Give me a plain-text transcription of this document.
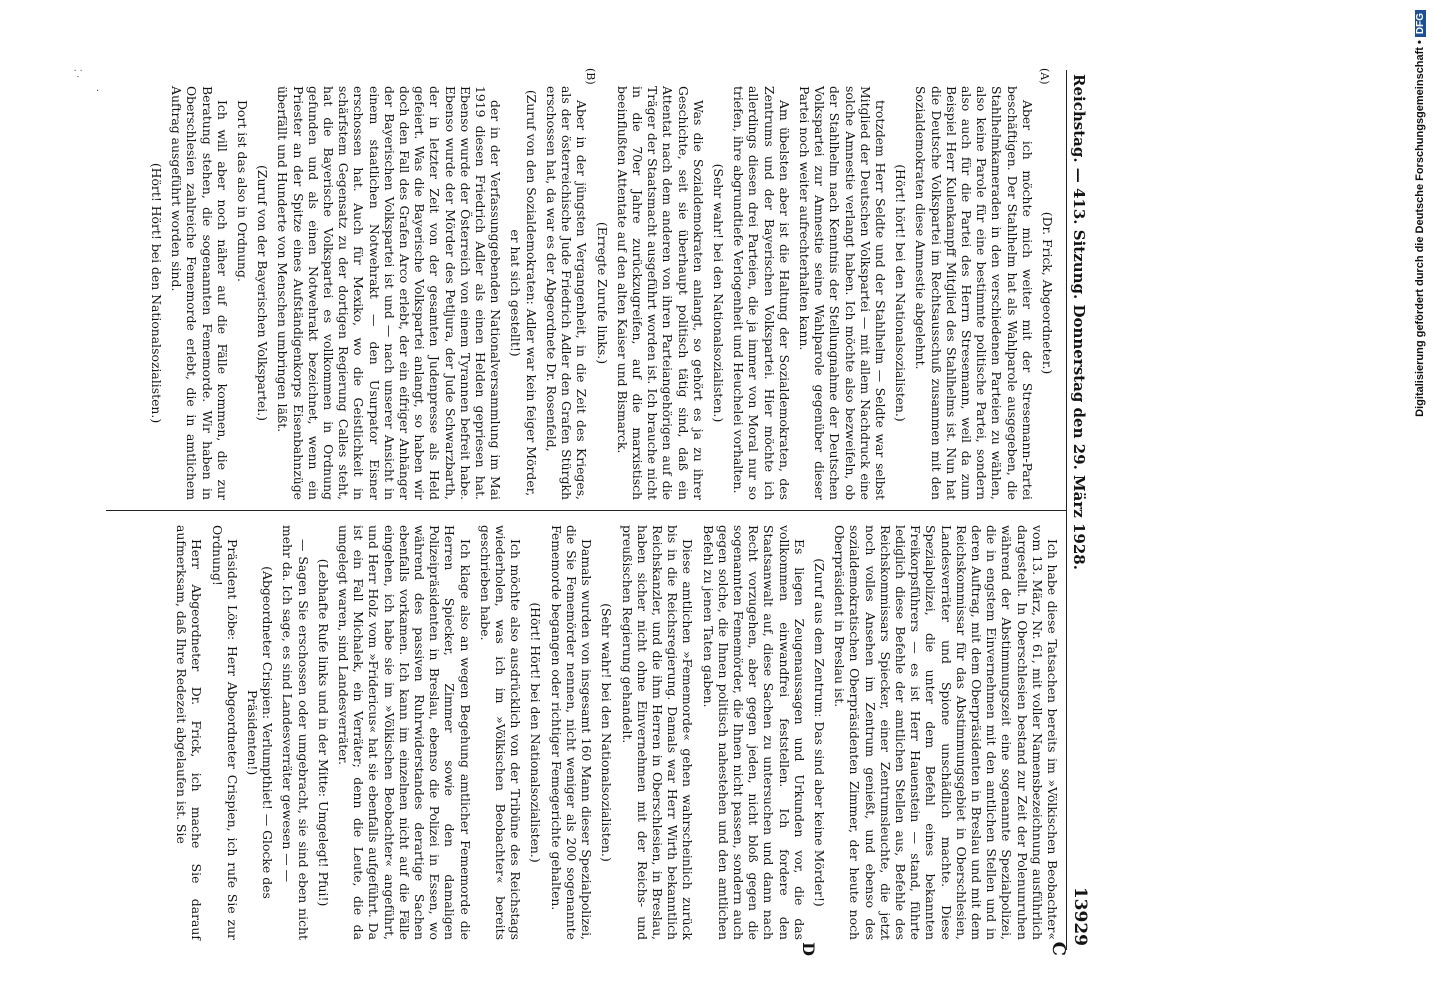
⸪
·	Reichstag. — 413. Sitzung. Donnerstag den 29. März 1928.
13929
(A)
(B)

(Dr. Frick, Abgeordneter.)

Aber ich möchte mich weiter mit der Stresemann-Partei beschäftigen. Der Stahlhelm hat als Wahlparole ausgegeben, die Stahlhelmkameraden in den verschiedenen Parteien zu wählen, also keine Parole für eine bestimmte politische Partei, sondern also auch für die Partei des Herrn Stresemann, weil da zum Beispiel Herr Kulenkampff Mitglied des Stahlhelms ist. Nun hat die Deutsche Volkspartei im Rechtsausschuß zusammen mit den Sozialdemokraten diese Amnestie abgelehnt.

(Hört! hört! bei den Nationalsozialisten.)

trotzdem Herr Seldte und der Stahlhelm — Seldte war selbst Mitglied der Deutschen Volkspartei — mit allem Nachdruck eine solche Amnestie verlangt haben. Ich möchte also bezweifeln, ob der Stahlhelm nach Kenntnis der Stellungnahme der Deutschen Volkspartei zur Amnestie seine Wahlparole gegenüber dieser Partei noch weiter aufrechterhalten kann.

Am übelsten aber ist die Haltung der Sozialdemokraten, des Zentrums und der Bayerischen Volkspartei. Hier möchte ich allerdings diesen drei Parteien, die ja immer von Moral nur so triefen, ihre abgrundtiefe Verlogenheit und Heuchelei vorhalten.

(Sehr wahr! bei den Nationalsozialisten.)

Was die Sozialdemokraten anlangt, so gehört es ja zu ihrer Geschichte, seit sie überhaupt politisch tätig sind, daß ein Attentat nach dem anderen von ihren Parteiangehörigen auf die Träger der Staatsmacht ausgeführt worden ist. Ich brauche nicht in die 70er Jahre zurückzugreifen, auf die marxistisch beeinflußten Attentate auf den alten Kaiser und Bismarck.

(Erregte Zurufe links.)

Aber in der jüngsten Vergangenheit, in die Zeit des Krieges, als der österreichische Jude Friedrich Adler den Grafen Stürgkh erschossen hat, da war es der Abgeordnete Dr. Rosenfeld,

(Zuruf von den Sozialdemokraten: Adler war kein feiger Mörder, er hat sich gestellt!)

der in der Verfassunggebenden Nationalversammlung im Mai 1919 diesen Friedrich Adler als einen Helden gepriesen hat. Ebenso wurde der Österreich von einem Tyrannen befreit habe. Ebenso wurde der Mörder des Petljura, der Jude Schwarzbarth, der in letzter Zeit von der gesamten Judenpresse als Held gefeiert. Was die Bayerische Volkspartei anlangt, so haben wir doch den Fall des Grafen Arco erlebt, der ein eifriger Anhänger der Bayerischen Volkspartei ist und — nach unserer Ansicht in einem staatlichen Notwehrakt — den Usurpator Eisner erschossen hat. Auch für Mexiko, wo die Geistlichkeit in schärfstem Gegensatz zu der dortigen Regierung Calles steht, hat die Bayerische Volkspartei es vollkommen in Ordnung gefunden und als einen Notwehrakt bezeichnet, wenn ein Priester an der Spitze eines Aufständigenkorps Eisenbahnzüge überfällt und Hunderte von Menschen umbringen läßt.

(Zuruf von der Bayerischen Volkspartei.)

Dort ist das also in Ordnung.

Ich will aber noch näher auf die Fälle kommen, die zur Beratung stehen, die sogenannten Fememorde. Wir haben in Oberschlesien zahlreiche Fememorde erlebt, die in amtlichem Auftrag ausgeführt worden sind.

(Hört! Hört! bei den Nationalsozialisten.)

C
D

Ich habe diese Tatsachen bereits im »Völkischen Beobachter« vom 13. März, Nr. 61, mit voller Namensbezeichnung ausführlich dargestellt. In Oberschlesien bestand zur Zeit der Polenunruhen während der Abstimmungszeit eine sogenannte Spezialpolizei, die in engstem Einvernehmen mit den amtlichen Stellen und in deren Auftrag, mit dem Oberpräsidenten in Breslau und mit dem Reichskommissar für das Abstimmungsgebiet in Oberschlesien, Landesverräter und Spione unschädlich machte. Diese Spezialpolizei, die unter dem Befehl eines bekannten Freikorpsführers — es ist Herr Hauenstein — stand, führte lediglich diese Befehle der amtlichen Stellen aus, Befehle des Reichskommissars Spiecker, einer Zentrumsleuchte, die jetzt noch volles Ansehen im Zentrum genießt, und ebenso des sozialdemokratischen Oberpräsidenten Zimmer, der heute noch Oberpräsident in Breslau ist.

(Zuruf aus dem Zentrum: Das sind aber keine Mörder!)

Es liegen Zeugenaussagen und Urkunden vor, die das vollkommen einwandfrei feststellen. Ich fordere den Staatsanwalt auf, diese Sachen zu untersuchen und dann nach Recht vorzugehen, aber gegen jeden, nicht bloß gegen die sogenannten Fememörder, die Ihnen nicht passen, sondern auch gegen solche, die Ihnen politisch nahestehen und den amtlichen Befehl zu jenen Taten gaben.

Diese amtlichen »Fememorde« gehen wahrscheinlich zurück bis in die Reichsregierung. Damals war Herr Wirth bekanntlich Reichskanzler, und die ihm Herren in Oberschlesien, in Breslau, haben sicher nicht ohne Einvernehmen mit der Reichs- und preußischen Regierung gehandelt.

(Sehr wahr! bei den Nationalsozialisten.)

Damals wurden von insgesamt 160 Mann dieser Spezialpolizei, die Sie Fememörder nennen, nicht weniger als 200 sogenannte Fememorde begangen oder richtiger Femegerichte gehalten.

(Hört! Hört! bei den Nationalsozialisten.)

Ich möchte also ausdrücklich von der Tribüne des Reichstags wiederholen, was ich im »Völkischen Beobachter« bereits geschrieben habe.

Ich klage also an wegen Begehung amtlicher Fememorde die Herren Spiecker, Zimmer sowie den damaligen Polizeipräsidenten in Breslau, ebenso die Polizei in Essen, wo während des passiven Ruhrwiderstandes derartige Sachen ebenfalls vorkamen. Ich kann im einzelnen nicht auf die Fälle eingehen, ich habe sie im »Völkischen Beobachter« angeführt, und Herr Holz vom »Fridericus« hat sie ebenfalls aufgeführt. Da ist ein Fall Michalek, ein Verräter; denn die Leute, die da umgelegt waren, sind Landesverräter.

(Lebhafte Rufe links und in der Mitte: Umgelegt! Pfui!)

— Sagen Sie erschossen oder umgebracht, sie sind eben nicht mehr da. Ich sage, es sind Landesverräter gewesen — —

(Abgeordneter Crispien: Verlumpthiet! — Glocke des Präsidenten!)

Präsident Löbe: Herr Abgeordneter Crispien, ich rufe Sie zur Ordnung!

Herr Abgeordneter Dr. Frick, ich mache Sie darauf aufmerksam, daß Ihre Redezeit abgelaufen ist. Sie

Digitalisierung gefördert durch die Deutsche Forschungsgemeinschaft •DFG
